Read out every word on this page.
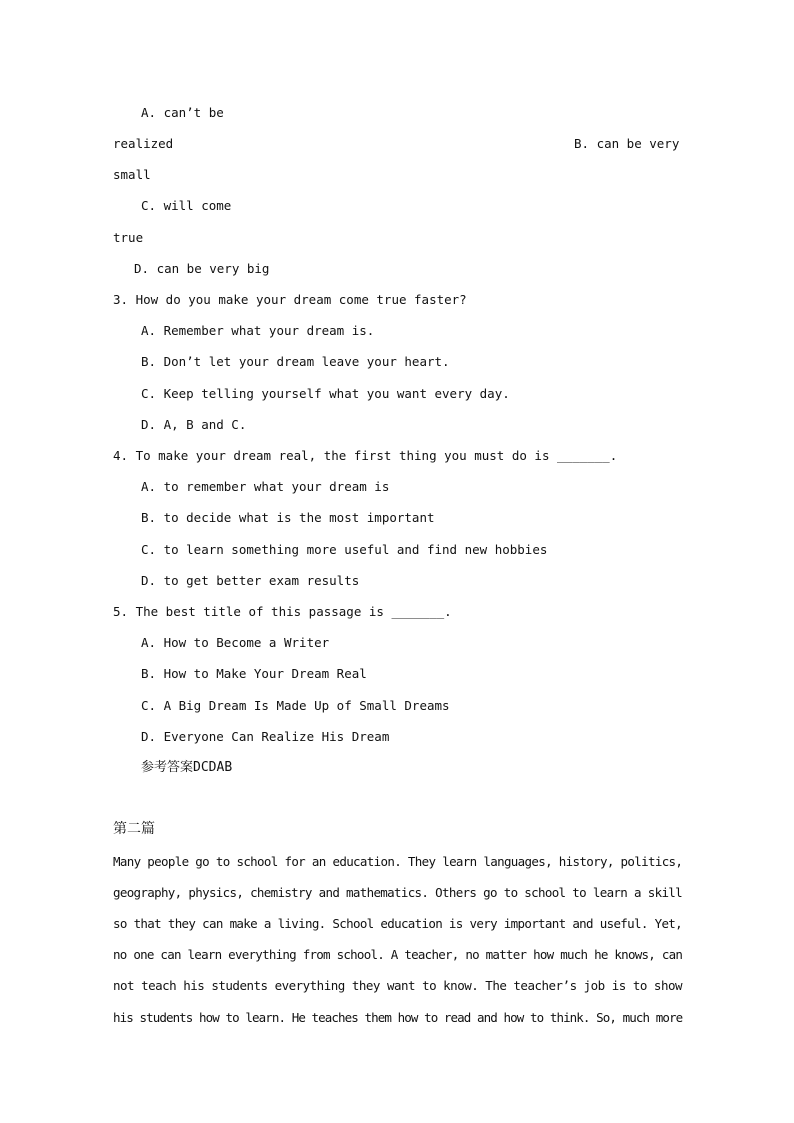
A. can’t be
realized	B. can be very
small
C. will come
true
D. can be very big
3. How do you make your dream come true faster?
A. Remember what your dream is.
B. Don’t let your dream leave your heart.
C. Keep telling yourself what you want every day.
D. A, B and C.
4. To make your dream real, the first thing you must do is _______.
A. to remember what your dream is
B. to decide what is the most important
C. to learn something more useful and find new hobbies
D. to get better exam results
5. The best title of this passage is _______.
A. How to Become a Writer
B. How to Make Your Dream Real
C. A Big Dream Is Made Up of Small Dreams
D. Everyone Can Realize His Dream
参考答案DCDAB
第二篇
Many people go to school for an education. They learn languages, history, politics,
geography, physics, chemistry and mathematics. Others go to school to learn a skill
so that they can make a living. School education is very important and useful. Yet,
no one can learn everything from school. A teacher, no matter how much he knows, can
not teach his students everything they want to know. The teacher’s job is to show
his students how to learn. He teaches them how to read and how to think. So, much more
